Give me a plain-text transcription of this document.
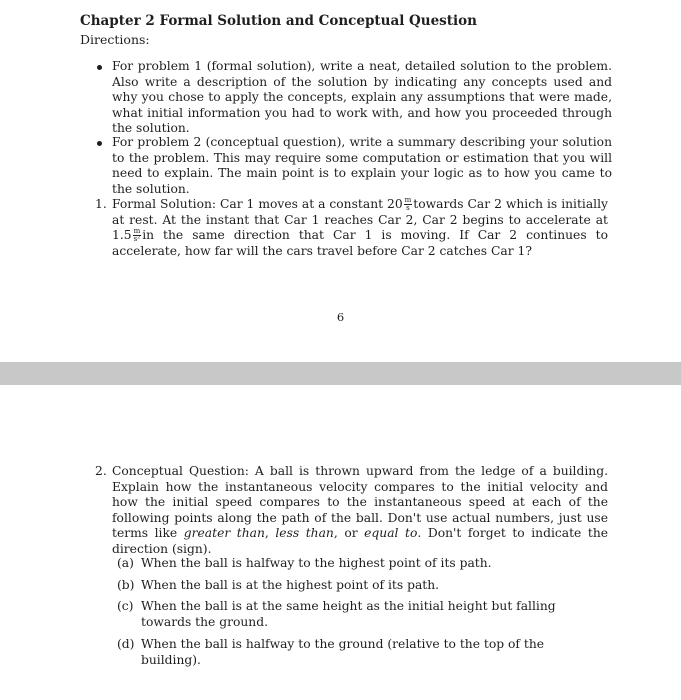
Chapter 2 Formal Solution and Conceptual Question
Directions:
For problem 1 (formal solution), write a neat, detailed solution to the problem. Also write a description of the solution by indicating any concepts used and why you chose to apply the concepts, explain any assumptions that were made, what initial information you had to work with, and how you proceeded through the solution.
For problem 2 (conceptual question), write a summary describing your solution to the problem. This may require some computation or estimation that you will need to explain. The main point is to explain your logic as to how you came to the solution.
1. Formal Solution: Car 1 moves at a constant $20 \frac{m}{s}$ towards Car 2 which is initially at rest. At the instant that Car 1 reaches Car 2, Car 2 begins to accelerate at $1.5 \frac{m}{\text{s²}}$ in the same direction that Car 1 is moving. If Car 2 continues to accelerate, how far will the cars travel before Car 2 catches Car 1?
6
2. Conceptual Question: A ball is thrown upward from the ledge of a building. Explain how the instantaneous velocity compares to the initial velocity and how the initial speed compares to the instantaneous speed at each of the following points along the path of the ball. Don't use actual numbers, just use terms like greater than, less than, or equal to. Don't forget to indicate the direction (sign).
(a) When the ball is halfway to the highest point of its path.
(b) When the ball is at the highest point of its path.
(c) When the ball is at the same height as the initial height but falling towards the ground.
(d) When the ball is halfway to the ground (relative to the top of the building).
